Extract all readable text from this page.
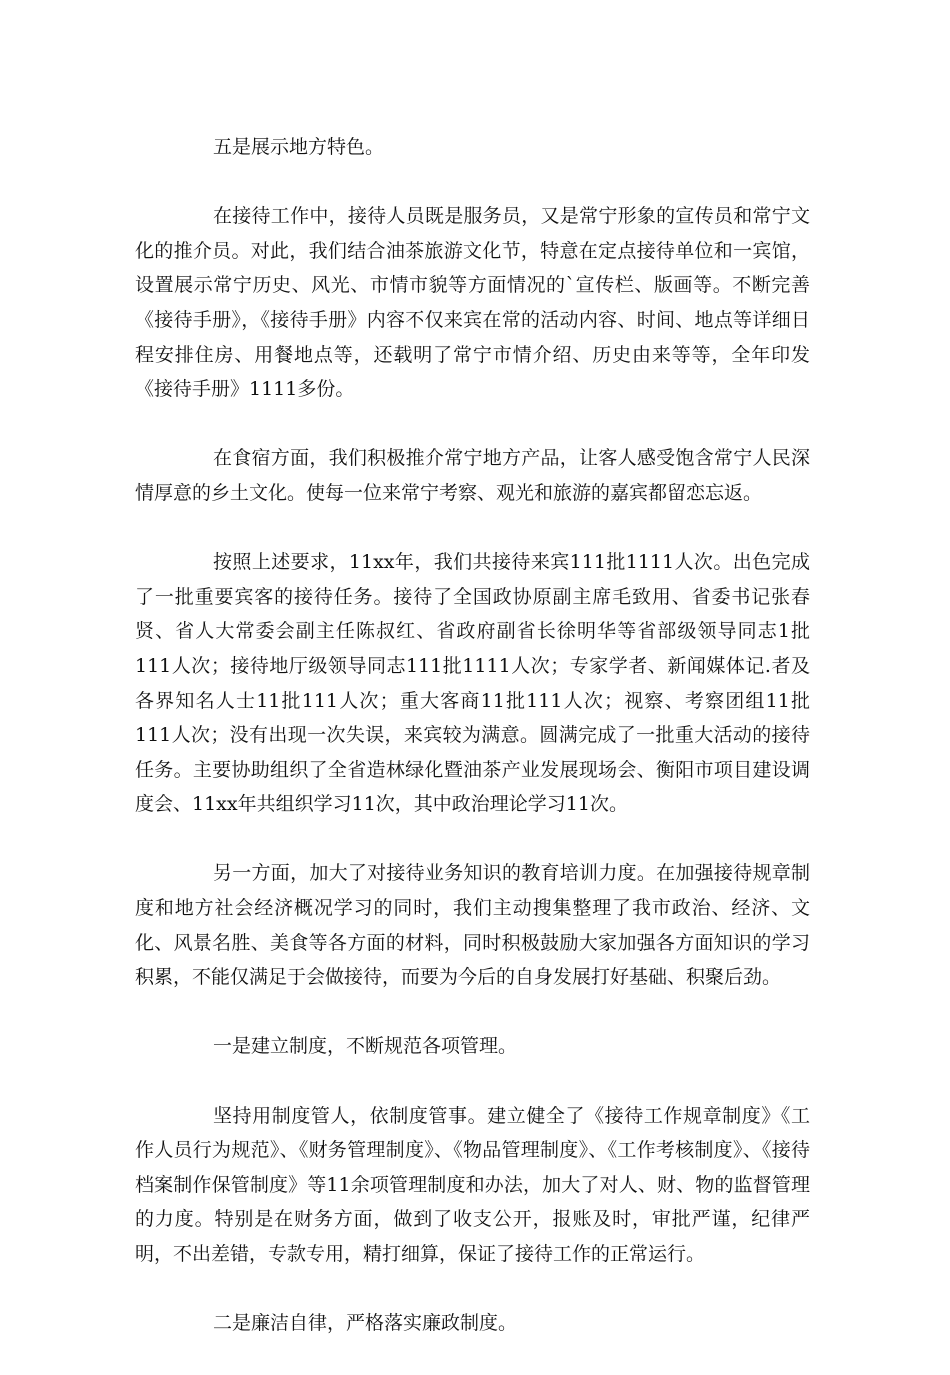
五是展示地方特色。

在接待工作中，接待人员既是服务员，又是常宁形象的宣传员和常宁文化的推介员。对此，我们结合油茶旅游文化节，特意在定点接待单位和一宾馆，设置展示常宁历史、风光、市情市貌等方面情况的`宣传栏、版画等。不断完善《接待手册》，《接待手册》内容不仅来宾在常的活动内容、时间、地点等详细日程安排住房、用餐地点等，还载明了常宁市情介绍、历史由来等等，全年印发《接待手册》1111多份。

在食宿方面，我们积极推介常宁地方产品，让客人感受饱含常宁人民深情厚意的乡土文化。使每一位来常宁考察、观光和旅游的嘉宾都留恋忘返。

按照上述要求，11xx年，我们共接待来宾111批1111人次。出色完成了一批重要宾客的接待任务。接待了全国政协原副主席毛致用、省委书记张春贤、省人大常委会副主任陈叔红、省政府副省长徐明华等省部级领导同志1批111人次；接待地厅级领导同志111批1111人次；专家学者、新闻媒体记.者及各界知名人士11批111人次；重大客商11批111人次；视察、考察团组11批111人次；没有出现一次失误，来宾较为满意。圆满完成了一批重大活动的接待任务。主要协助组织了全省造林绿化暨油茶产业发展现场会、衡阳市项目建设调度会、11xx年共组织学习11次，其中政治理论学习11次。

另一方面，加大了对接待业务知识的教育培训力度。在加强接待规章制度和地方社会经济概况学习的同时，我们主动搜集整理了我市政治、经济、文化、风景名胜、美食等各方面的材料，同时积极鼓励大家加强各方面知识的学习积累，不能仅满足于会做接待，而要为今后的自身发展打好基础、积聚后劲。

一是建立制度，不断规范各项管理。

坚持用制度管人，依制度管事。建立健全了《接待工作规章制度》《工作人员行为规范》、《财务管理制度》、《物品管理制度》、《工作考核制度》、《接待档案制作保管制度》等11余项管理制度和办法，加大了对人、财、物的监督管理的力度。特别是在财务方面，做到了收支公开，报账及时，审批严谨，纪律严明，不出差错，专款专用，精打细算，保证了接待工作的正常运行。

二是廉洁自律，严格落实廉政制度。
